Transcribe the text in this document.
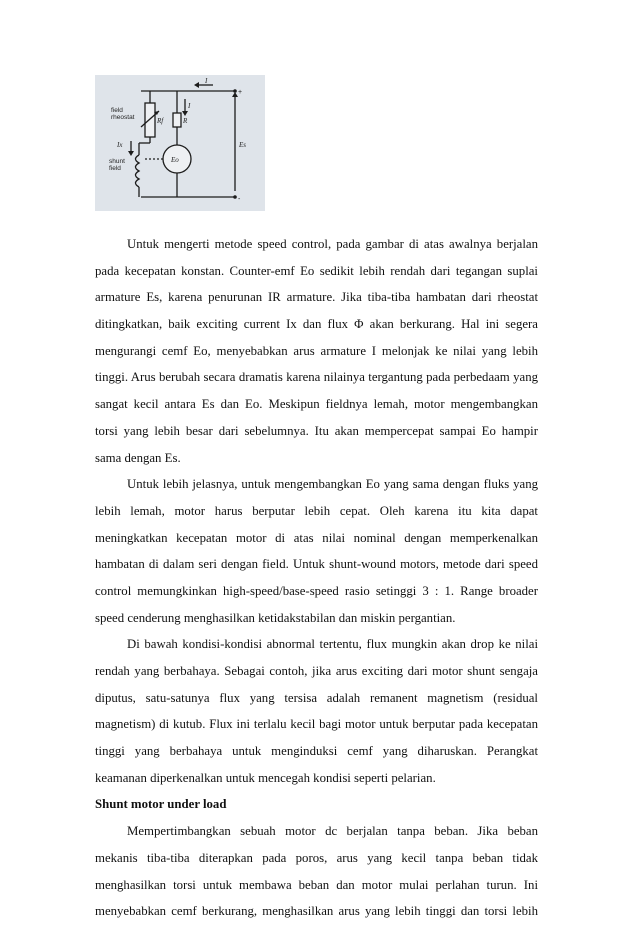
field
rheostat	Rf
Ix
shunt
field
I
I
R
Eo
Es
+
-
Untuk mengerti metode speed control, pada gambar di atas awalnya berjalan
pada kecepatan konstan. Counter-emf Eo sedikit lebih rendah dari tegangan suplai
armature Es, karena penurunan IR armature. Jika tiba-tiba hambatan dari rheostat
ditingkatkan, baik exciting current Ix dan flux Φ akan berkurang. Hal ini segera
mengurangi cemf Eo, menyebabkan arus armature I melonjak ke nilai yang lebih
tinggi. Arus berubah secara dramatis karena nilainya tergantung pada perbedaam yang
sangat kecil antara Es dan Eo. Meskipun fieldnya lemah, motor mengembangkan
torsi yang lebih besar dari sebelumnya. Itu akan mempercepat sampai Eo hampir
sama dengan Es.
Untuk lebih jelasnya, untuk mengembangkan Eo yang sama dengan fluks yang
lebih lemah, motor harus berputar lebih cepat. Oleh karena itu kita dapat
meningkatkan kecepatan motor di atas nilai nominal dengan memperkenalkan
hambatan di dalam seri dengan field. Untuk shunt-wound motors, metode dari speed
control memungkinkan high-speed/base-speed rasio setinggi 3 : 1. Range broader
speed cenderung menghasilkan ketidakstabilan dan miskin pergantian.
Di bawah kondisi-kondisi abnormal tertentu, flux mungkin akan drop ke nilai
rendah yang berbahaya. Sebagai contoh, jika arus exciting dari motor shunt sengaja
diputus, satu-satunya flux yang tersisa adalah remanent magnetism (residual
magnetism) di kutub. Flux ini terlalu kecil bagi motor untuk berputar pada kecepatan
tinggi yang berbahaya untuk menginduksi cemf yang diharuskan. Perangkat
keamanan diperkenalkan untuk mencegah kondisi seperti pelarian.
Shunt motor under load
Mempertimbangkan sebuah motor dc berjalan tanpa beban. Jika beban
mekanis tiba-tiba diterapkan pada poros, arus yang kecil tanpa beban tidak
menghasilkan torsi untuk membawa beban dan motor mulai perlahan turun. Ini
menyebabkan cemf berkurang, menghasilkan arus yang lebih tinggi dan torsi lebih
